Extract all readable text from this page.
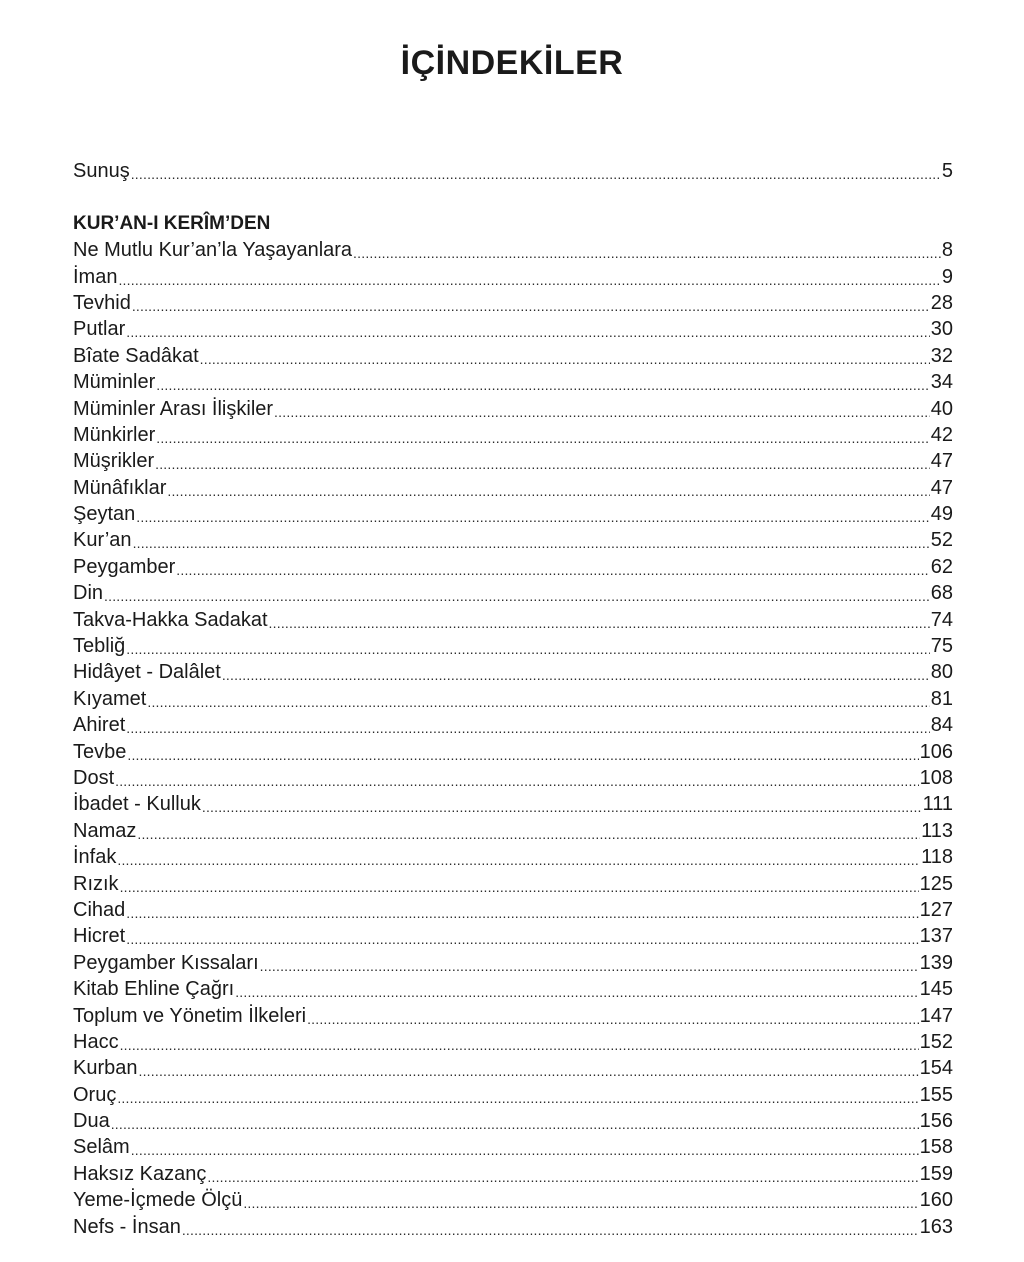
İÇİNDEKİLER
Sunuş .....	5
KUR’AN-I KERÎM’DEN
Ne Mutlu Kur’an’la Yaşayanlara .....	8
İman .....	9
Tevhid .....	28
Putlar .....	30
Bîate Sadâkat .....	32
Müminler .....	34
Müminler Arası İlişkiler .....	40
Münkirler .....	42
Müşrikler .....	47
Münâfıklar .....	47
Şeytan .....	49
Kur’an .....	52
Peygamber .....	62
Din .....	68
Takva-Hakka Sadakat .....	74
Tebliğ .....	75
Hidâyet - Dalâlet .....	80
Kıyamet .....	81
Ahiret .....	84
Tevbe .....	106
Dost .....	108
İbadet - Kulluk .....	111
Namaz .....	113
İnfak .....	118
Rızık .....	125
Cihad .....	127
Hicret .....	137
Peygamber Kıssaları .....	139
Kitab Ehline Çağrı .....	145
Toplum ve Yönetim İlkeleri .....	147
Hacc .....	152
Kurban .....	154
Oruç .....	155
Dua .....	156
Selâm .....	158
Haksız Kazanç .....	159
Yeme-İçmede Ölçü .....	160
Nefs - İnsan .....	163
